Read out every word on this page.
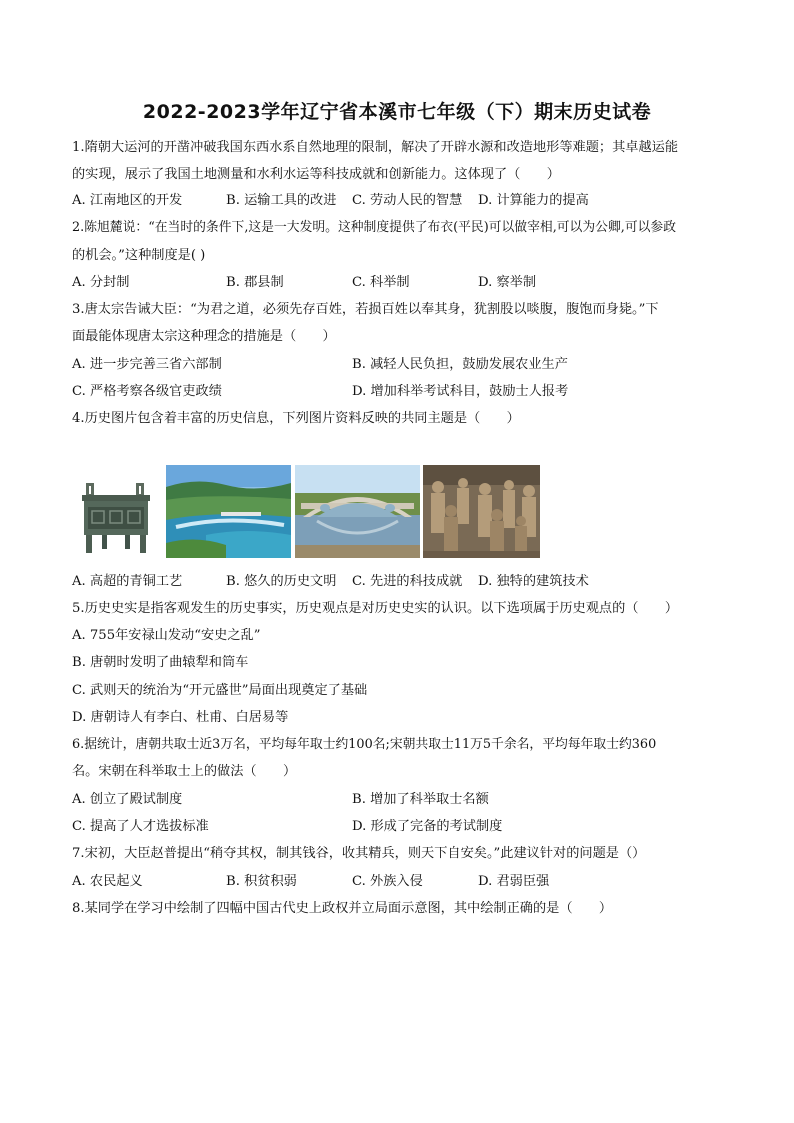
2022-2023学年辽宁省本溪市七年级（下）期末历史试卷
1.隋朝大运河的开凿冲破我国东西水系自然地理的限制，解决了开辟水源和改造地形等难题；其卓越运能
的实现，展示了我国土地测量和水利水运等科技成就和创新能力。这体现了（　　）
A. 江南地区的开发	B. 运输工具的改进 C. 劳动人民的智慧 D. 计算能力的提高
2.陈旭麓说：“在当时的条件下,这是一大发明。这种制度提供了布衣(平民)可以做宰相,可以为公卿,可以参政
的机会。”这种制度是( )
A. 分封制	B. 郡县制	C. 科举制	D. 察举制
3.唐太宗告诫大臣：“为君之道，必须先存百姓，若损百姓以奉其身，犹割股以啖腹，腹饱而身毙。”下
面最能体现唐太宗这种理念的措施是（　　）
A. 进一步完善三省六部制	B. 减轻人民负担，鼓励发展农业生产
C. 严格考察各级官吏政绩	D. 增加科举考试科目，鼓励士人报考
4.历史图片包含着丰富的历史信息，下列图片资料反映的共同主题是（　　）
A. 高超的青铜工艺	B. 悠久的历史文明 C. 先进的科技成就 D. 独特的建筑技术
5.历史史实是指客观发生的历史事实，历史观点是对历史史实的认识。以下选项属于历史观点的（　　）
A. 755年安禄山发动“安史之乱”
B. 唐朝时发明了曲辕犁和筒车
C. 武则天的统治为“开元盛世”局面出现奠定了基础
D. 唐朝诗人有李白、杜甫、白居易等
6.据统计，唐朝共取士近3万名，平均每年取士约100名;宋朝共取士11万5千余名，平均每年取士约360
名。宋朝在科举取士上的做法（　　）
A. 创立了殿试制度	B. 增加了科举取士名额
C. 提高了人才选拔标准	D. 形成了完备的考试制度
7.宋初，大臣赵普提出“稍夺其权，制其钱谷，收其精兵，则天下自安矣。”此建议针对的问题是（）
A. 农民起义	B. 积贫积弱	C. 外族入侵	D. 君弱臣强
8.某同学在学习中绘制了四幅中国古代史上政权并立局面示意图，其中绘制正确的是（　　）
